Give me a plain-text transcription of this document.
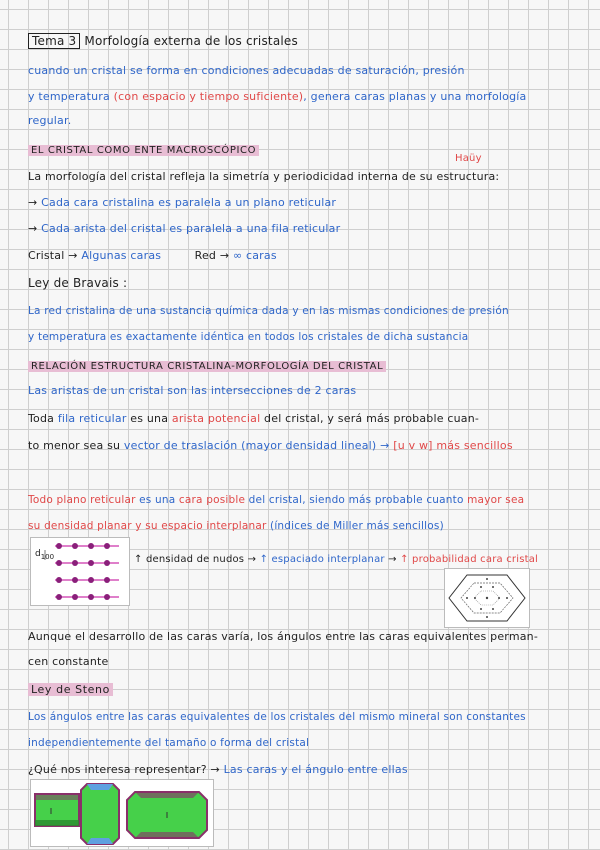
Tema 3 Morfología externa de los cristales
cuando un cristal se forma en condiciones adecuadas de saturación, presión
y temperatura (con espacio y tiempo suficiente), genera caras planas y una morfología
regular.
EL CRISTAL COMO ENTE MACROSCÓPICO
Haüy
La morfología del cristal refleja la simetría y periodicidad interna de su estructura:
→ Cada cara cristalina es paralela a un plano reticular
→ Cada arista del cristal es paralela a una fila reticular
Cristal → Algunas caras	Red → ∞ caras
Ley de Bravais :
La red cristalina de una sustancia química dada y en las mismas condiciones de presión
y temperatura es exactamente idéntica en todos los cristales de dicha sustancia
RELACIÓN ESTRUCTURA CRISTALINA-MORFOLOGÍA DEL CRISTAL
Las aristas de un cristal son las intersecciones de 2 caras
Toda fila reticular es una arista potencial del cristal, y será más probable cuan-
to menor sea su vector de traslación (mayor densidad lineal) → [u v w] más sencillos
Todo plano reticular es una cara posible del cristal, siendo más probable cuanto mayor sea
su densidad planar y su espacio interplanar (índices de Miller más sencillos)
$d_{100}$	↑ densidad de nudos → ↑ espaciado interplanar → ↑ probabilidad cara cristal
Aunque el desarrollo de las caras varía, los ángulos entre las caras equivalentes perman-
cen constante
Ley de Steno
Los ángulos entre las caras equivalentes de los cristales del mismo mineral son constantes
independientemente del tamaño o forma del cristal
¿Qué nos interesa representar? → Las caras y el ángulo entre ellas
